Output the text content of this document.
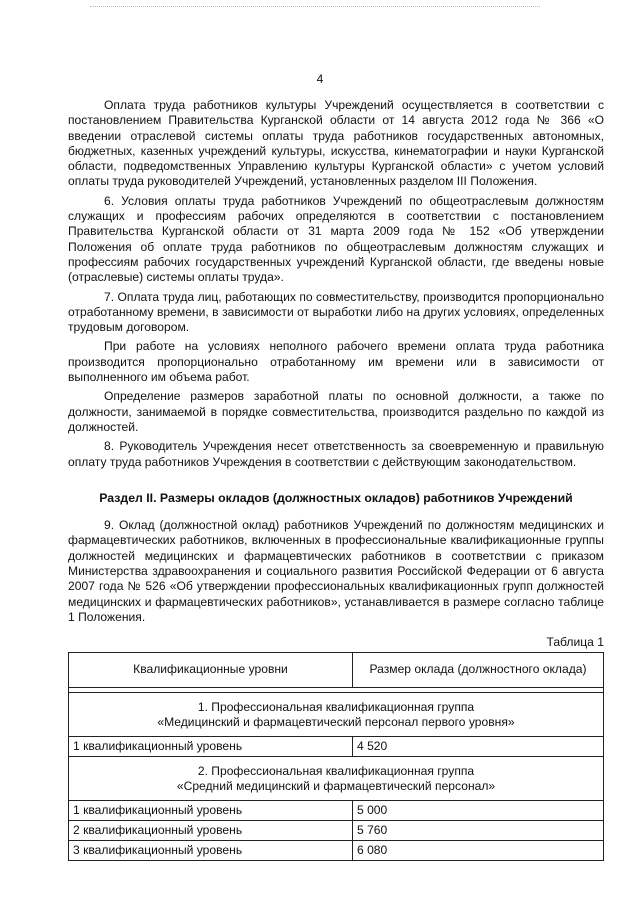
4

Оплата труда работников культуры Учреждений осуществляется в соответствии с постановлением Правительства Курганской области от 14 августа 2012 года № 366 «О введении отраслевой системы оплаты труда работников государственных автономных, бюджетных, казенных учреждений культуры, искусства, кинематографии и науки Курганской области, подведомственных Управлению культуры Курганской области» с учетом условий оплаты труда руководителей Учреждений, установленных разделом III Положения.

6. Условия оплаты труда работников Учреждений по общеотраслевым должностям служащих и профессиям рабочих определяются в соответствии с постановлением Правительства Курганской области от 31 марта 2009 года № 152 «Об утверждении Положения об оплате труда работников по общеотраслевым должностям служащих и профессиям рабочих государственных учреждений Курганской области, где введены новые (отраслевые) системы оплаты труда».

7. Оплата труда лиц, работающих по совместительству, производится пропорционально отработанному времени, в зависимости от выработки либо на других условиях, определенных трудовым договором.

При работе на условиях неполного рабочего времени оплата труда работника производится пропорционально отработанному им времени или в зависимости от выполненного им объема работ.

Определение размеров заработной платы по основной должности, а также по должности, занимаемой в порядке совместительства, производится раздельно по каждой из должностей.

8. Руководитель Учреждения несет ответственность за своевременную и правильную оплату труда работников Учреждения в соответствии с действующим законодательством.

Раздел II. Размеры окладов (должностных окладов) работников Учреждений

9. Оклад (должностной оклад) работников Учреждений по должностям медицинских и фармацевтических работников, включенных в профессиональные квалификационные группы должностей медицинских и фармацевтических работников в соответствии с приказом Министерства здравоохранения и социального развития Российской Федерации от 6 августа 2007 года № 526 «Об утверждении профессиональных квалификационных групп должностей медицинских и фармацевтических работников», устанавливается в размере согласно таблице 1 Положения.

Таблица 1
Квалификационные уровни	Размер оклада (должностного оклада)

1. Профессиональная квалификационная группа
«Медицинский и фармацевтический персонал первого уровня»	
1 квалификационный уровень	4 520
2. Профессиональная квалификационная группа
«Средний медицинский и фармацевтический персонал»	
1 квалификационный уровень	5 000
2 квалификационный уровень	5 760
3 квалификационный уровень	6 080
